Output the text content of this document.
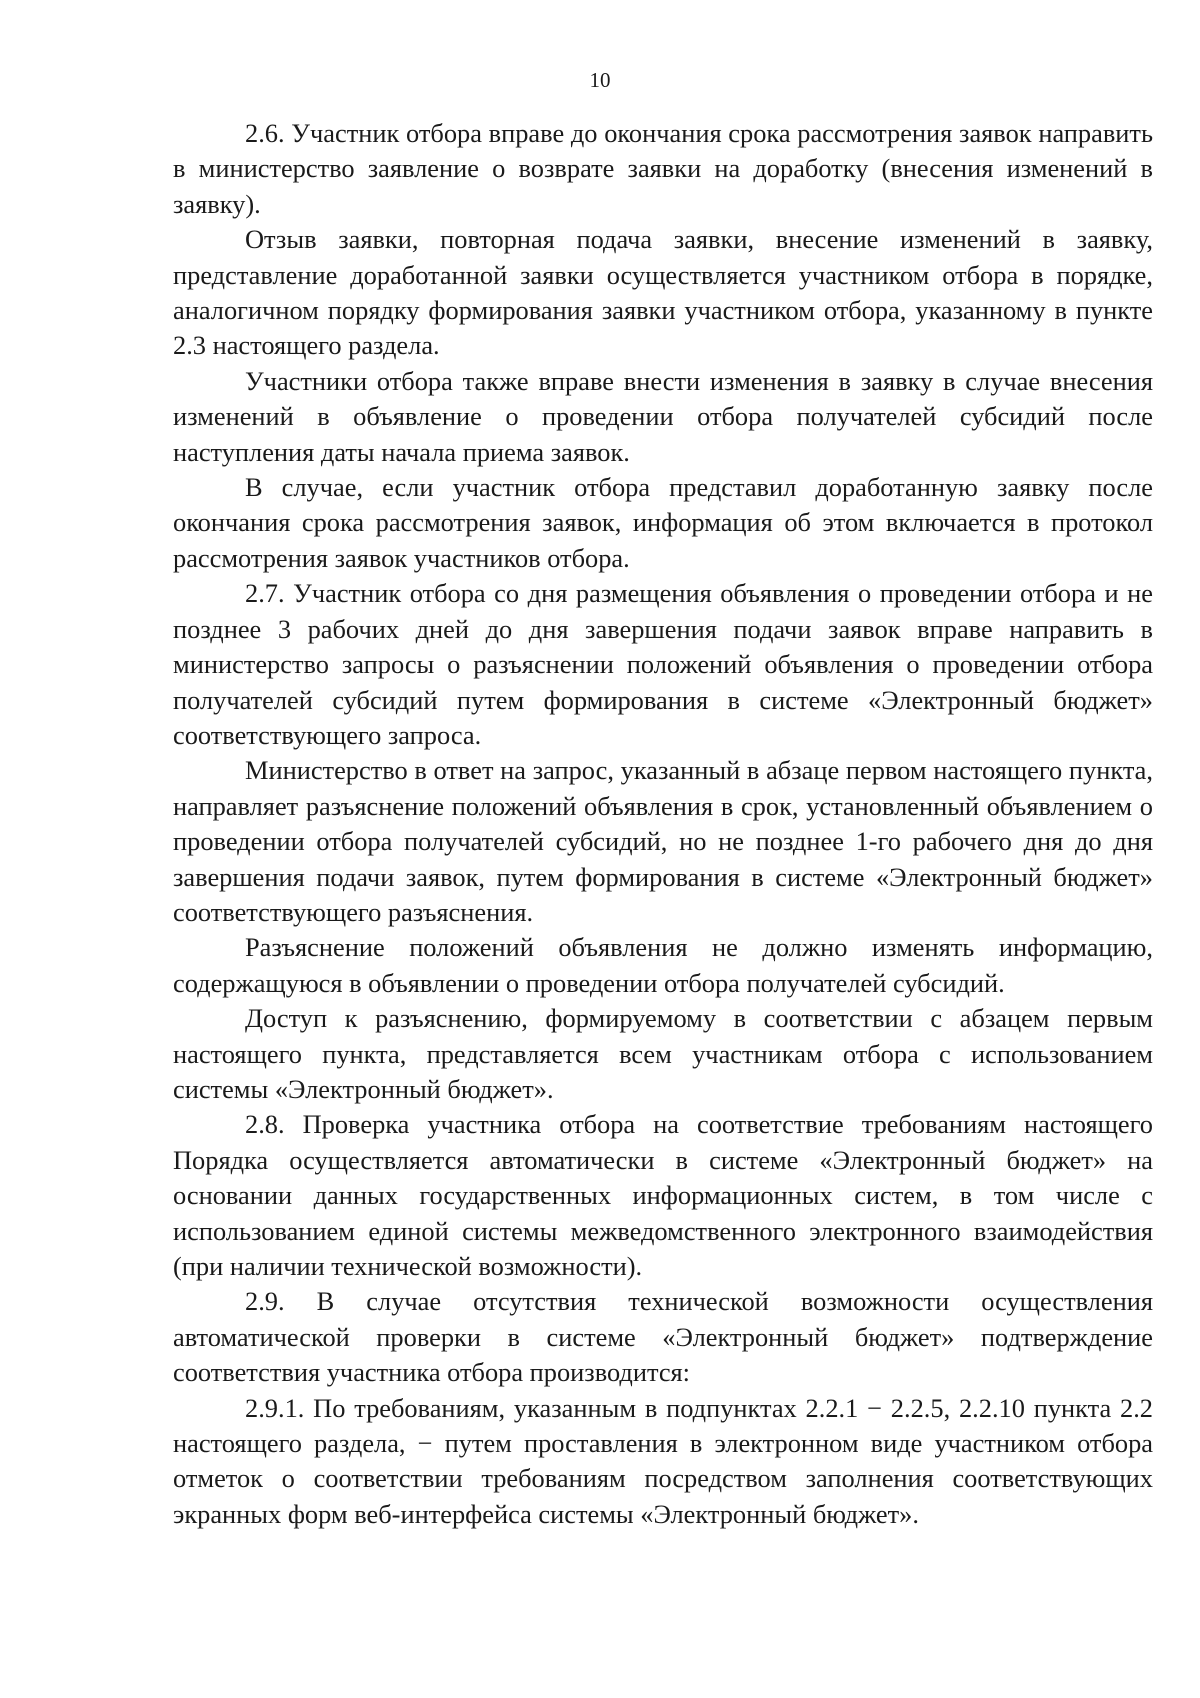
10

2.6. Участник отбора вправе до окончания срока рассмотрения заявок направить в министерство заявление о возврате заявки на доработку (внесения изменений в заявку).

Отзыв заявки, повторная подача заявки, внесение изменений в заявку, представление доработанной заявки осуществляется участником отбора в порядке, аналогичном порядку формирования заявки участником отбора, указанному в пункте 2.3 настоящего раздела.

Участники отбора также вправе внести изменения в заявку в случае внесения изменений в объявление о проведении отбора получателей субсидий после наступления даты начала приема заявок.

В случае, если участник отбора представил доработанную заявку после окончания срока рассмотрения заявок, информация об этом включается в протокол рассмотрения заявок участников отбора.

2.7. Участник отбора со дня размещения объявления о проведении отбора и не позднее 3 рабочих дней до дня завершения подачи заявок вправе направить в министерство запросы о разъяснении положений объявления о проведении отбора получателей субсидий путем формирования в системе «Электронный бюджет» соответствующего запроса.

Министерство в ответ на запрос, указанный в абзаце первом настоящего пункта, направляет разъяснение положений объявления в срок, установленный объявлением о проведении отбора получателей субсидий, но не позднее 1-го рабочего дня до дня завершения подачи заявок, путем формирования в системе «Электронный бюджет» соответствующего разъяснения.

Разъяснение положений объявления не должно изменять информацию, содержащуюся в объявлении о проведении отбора получателей субсидий.

Доступ к разъяснению, формируемому в соответствии с абзацем первым настоящего пункта, представляется всем участникам отбора с использованием системы «Электронный бюджет».

2.8. Проверка участника отбора на соответствие требованиям настоящего Порядка осуществляется автоматически в системе «Электронный бюджет» на основании данных государственных информационных систем, в том числе с использованием единой системы межведомственного электронного взаимодействия (при наличии технической возможности).

2.9. В случае отсутствия технической возможности осуществления автоматической проверки в системе «Электронный бюджет» подтверждение соответствия участника отбора производится:

2.9.1. По требованиям, указанным в подпунктах 2.2.1 − 2.2.5, 2.2.10 пункта 2.2 настоящего раздела, − путем проставления в электронном виде участником отбора отметок о соответствии требованиям посредством заполнения соответствующих экранных форм веб-интерфейса системы «Электронный бюджет».
